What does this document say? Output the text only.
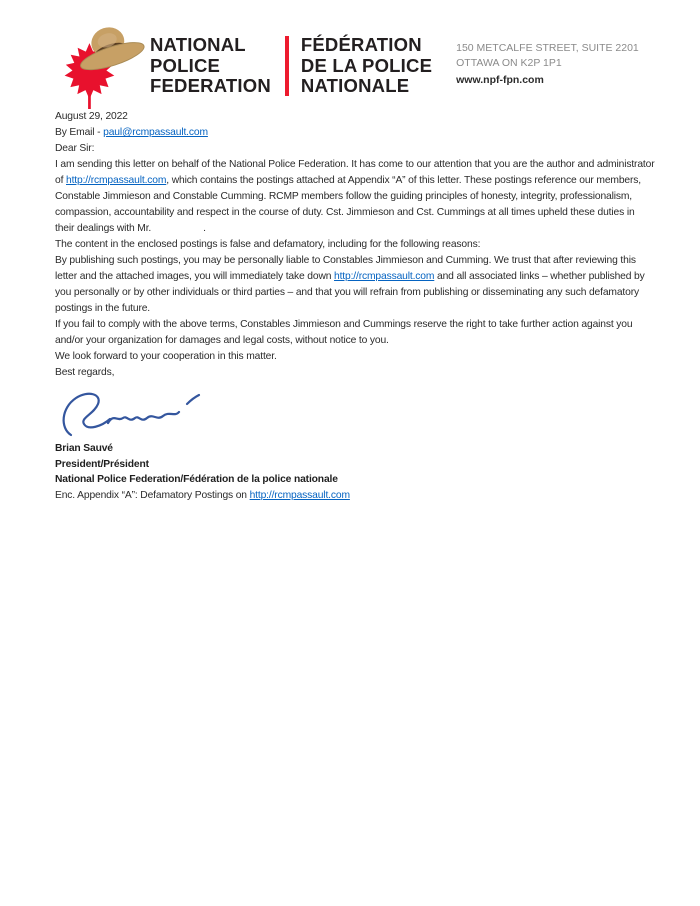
NATIONAL
POLICE
FEDERATION
FÉDÉRATION
DE LA POLICE
NATIONALE
150 METCALFE STREET, SUITE 2201
OTTAWA ON K2P 1P1
www.npf-fpn.com

August 29, 2022

By Email - paul@rcmpassault.com

Dear Sir:

I am sending this letter on behalf of the National Police Federation. It has come to our attention that you are the author and administrator of http://rcmpassault.com, which contains the postings attached at Appendix “A” of this letter. These postings reference our members, Constable Jimmieson and Constable Cumming. RCMP members follow the guiding principles of honesty, integrity, professionalism, compassion, accountability and respect in the course of duty. Cst. Jimmieson and Cst. Cummings at all times upheld these duties in their dealings with Mr.	.

The content in the enclosed postings is false and defamatory, including for the following reasons:

By publishing such postings, you may be personally liable to Constables Jimmieson and Cumming. We trust that after reviewing this letter and the attached images, you will immediately take down http://rcmpassault.com and all associated links – whether published by you personally or by other individuals or third parties – and that you will refrain from publishing or disseminating any such defamatory postings in the future.

If you fail to comply with the above terms, Constables Jimmieson and Cummings reserve the right to take further action against you and/or your organization for damages and legal costs, without notice to you.

We look forward to your cooperation in this matter.

Best regards,

Brian Sauvé

President/Président

National Police Federation/Fédération de la police nationale

Enc. Appendix “A”: Defamatory Postings on http://rcmpassault.com
